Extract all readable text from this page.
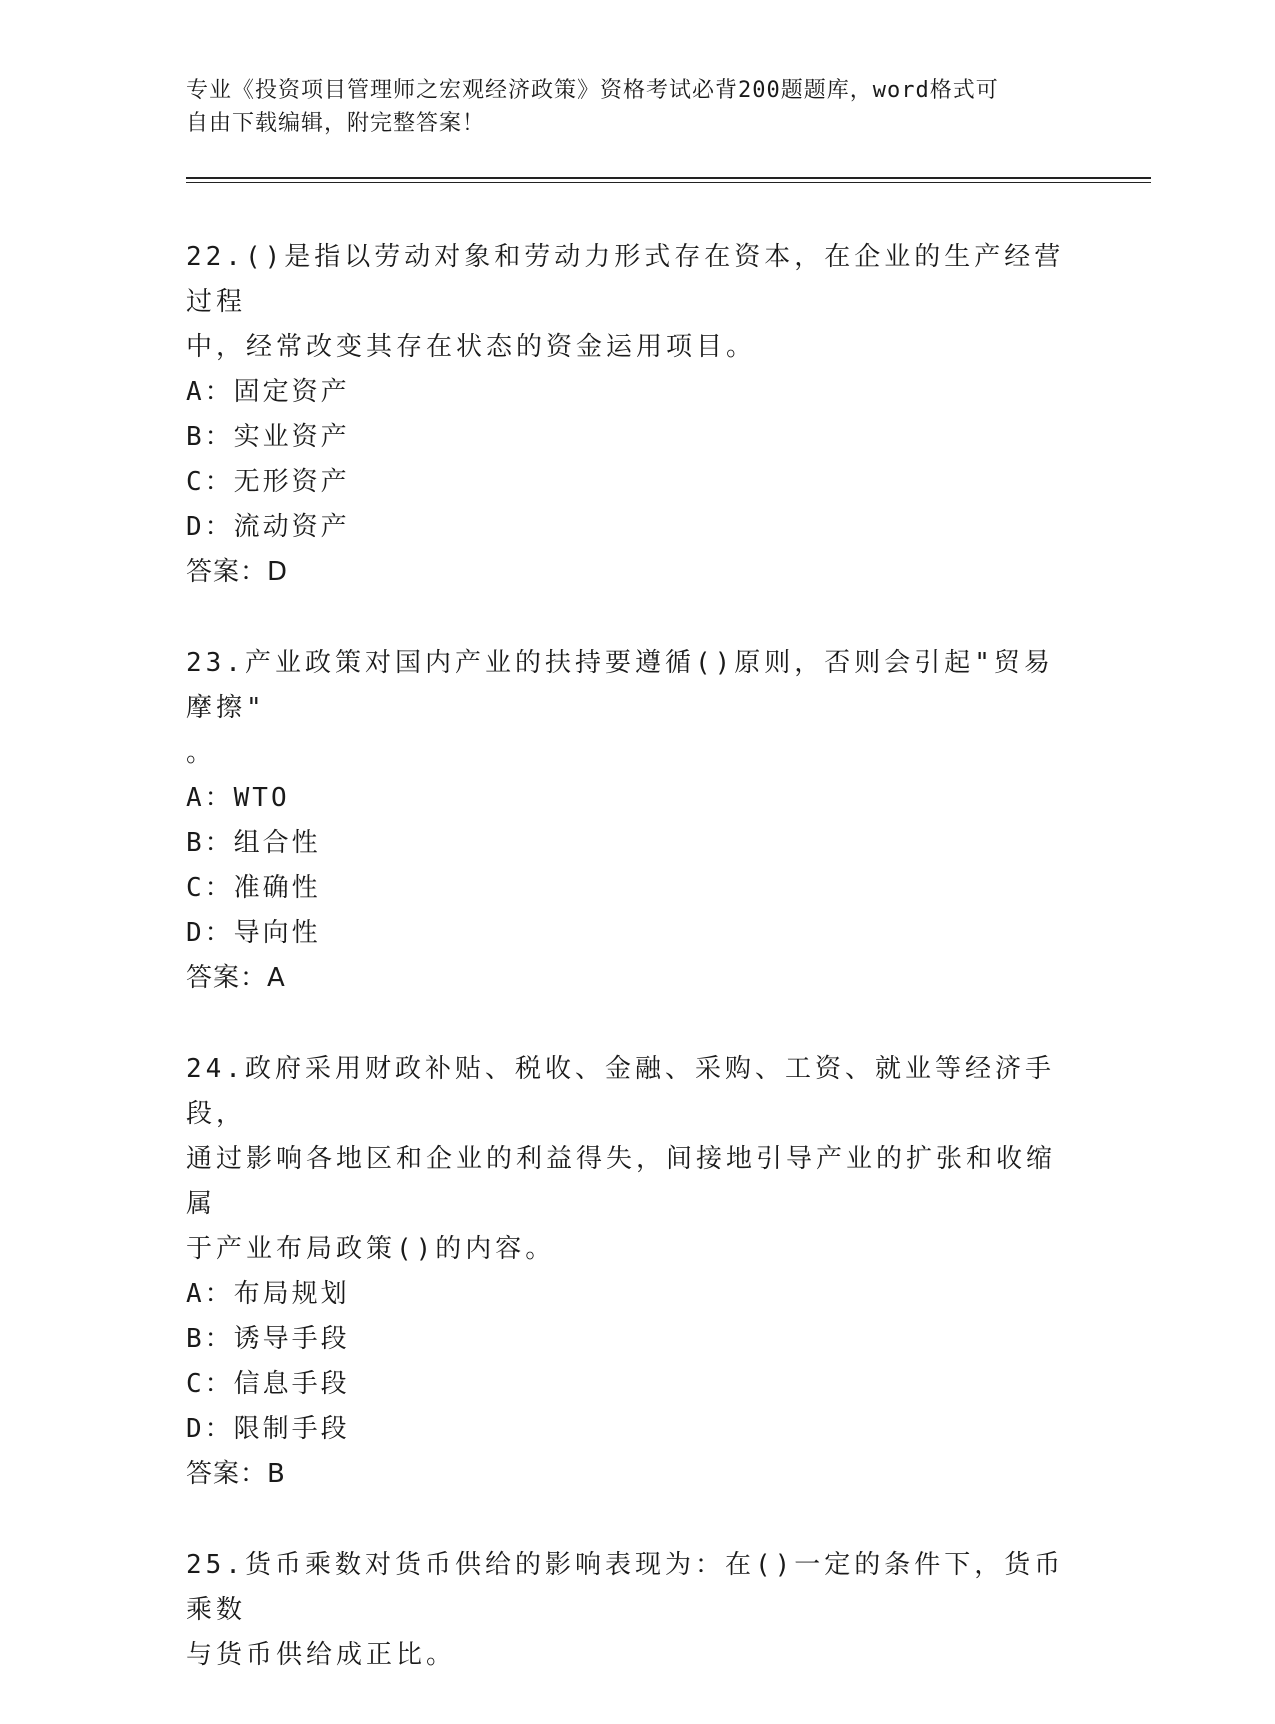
专业《投资项目管理师之宏观经济政策》资格考试必背200题题库，word格式可
自由下载编辑，附完整答案！
22.()是指以劳动对象和劳动力形式存在资本，在企业的生产经营过程
中，经常改变其存在状态的资金运用项目。
A：固定资产
B：实业资产
C：无形资产
D：流动资产
答案：D
23.产业政策对国内产业的扶持要遵循()原则，否则会引起"贸易摩擦"
。
A：WTO
B：组合性
C：准确性
D：导向性
答案：A
24.政府采用财政补贴、税收、金融、采购、工资、就业等经济手段，
通过影响各地区和企业的利益得失，间接地引导产业的扩张和收缩属
于产业布局政策()的内容。
A：布局规划
B：诱导手段
C：信息手段
D：限制手段
答案：B
25.货币乘数对货币供给的影响表现为：在()一定的条件下，货币乘数
与货币供给成正比。
